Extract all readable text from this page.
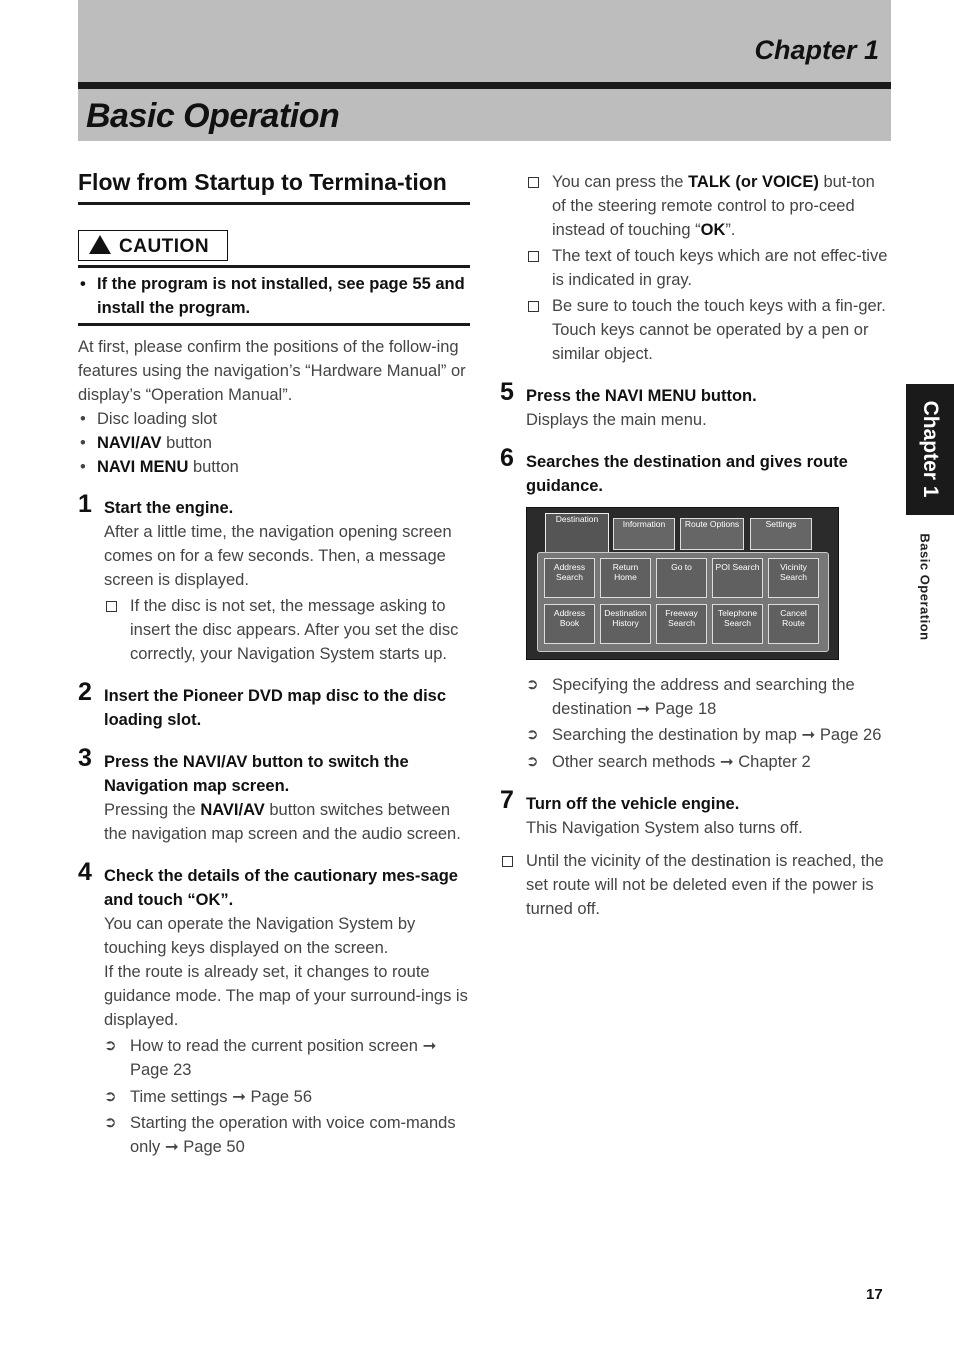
Chapter 1
Basic Operation
Chapter 1
Basic Operation
Flow from Startup to Termina-tion
CAUTION
• If the program is not installed, see page 55 and install the program.

At first, please confirm the positions of the follow-ing features using the navigation’s “Hardware Manual” or display’s “Operation Manual”.

• Disc loading slot
• NAVI/AV button
• NAVI MENU button
1 Start the engine.

After a little time, the navigation opening screen comes on for a few seconds. Then, a message screen is displayed.

If the disc is not set, the message asking to insert the disc appears. After you set the disc correctly, your Navigation System starts up.
2 Insert the Pioneer DVD map disc to the disc loading slot.

3 Press the NAVI/AV button to switch the Navigation map screen.

Pressing the NAVI/AV button switches between the navigation map screen and the audio screen.

4 Check the details of the cautionary mes-sage and touch “OK”.

You can operate the Navigation System by touching keys displayed on the screen.

If the route is already set, it changes to route guidance mode. The map of your surround-ings is displayed.

➲ How to read the current position screen ➞ Page 23
➲ Time settings ➞ Page 56
➲ Starting the operation with voice com-mands only ➞ Page 50
You can press the TALK (or VOICE) but-ton of the steering remote control to pro-ceed instead of touching “OK”.
The text of touch keys which are not effec-tive is indicated in gray.
Be sure to touch the touch keys with a fin-ger. Touch keys cannot be operated by a pen or similar object.
5 Press the NAVI MENU button.

Displays the main menu.

6 Searches the destination and gives route guidance.

Destination	Information	Route Options	Settings
Address Search
Return Home
Go to	POI Search	Vicinity Search
Address Book
Destination History
Freeway Search
Telephone Search
Cancel Route
➲ Specifying the address and searching the destination ➞ Page 18
➲ Searching the destination by map ➞ Page 26
➲ Other search methods ➞ Chapter 2
7 Turn off the vehicle engine.

This Navigation System also turns off.

Until the vicinity of the destination is reached, the set route will not be deleted even if the power is turned off.
17
